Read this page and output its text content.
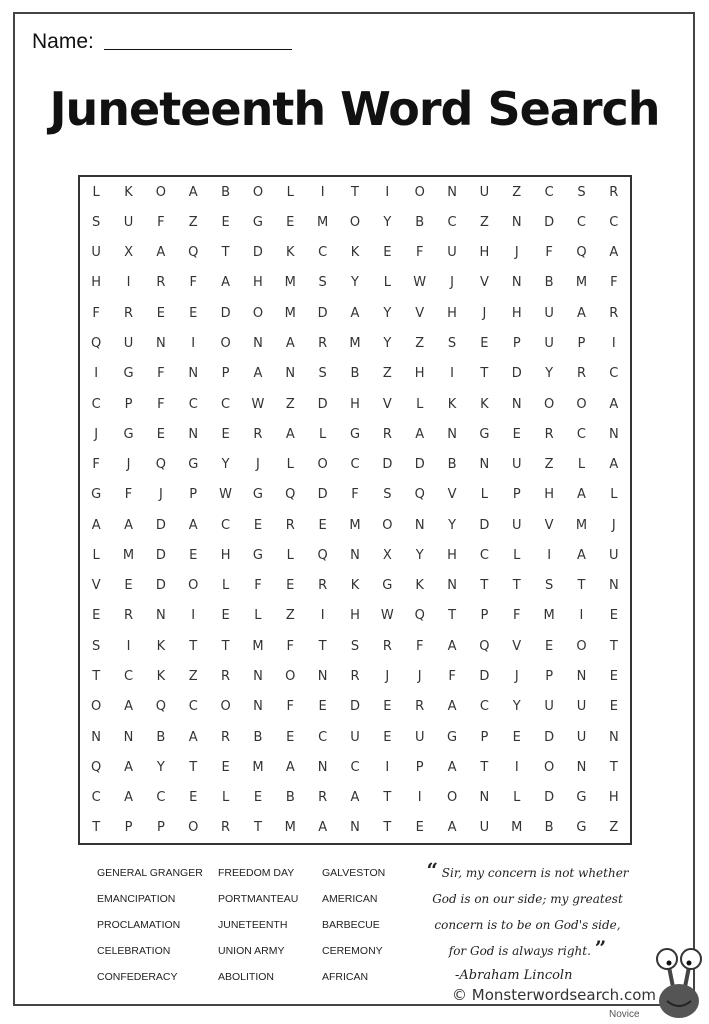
Name:
Juneteenth Word Search
L	K	O	A	B	O	L	I	T	I	O	N	U	Z	C	S	R
S	U	F	Z	E	G	E	M	O	Y	B	C	Z	N	D	C	C
U	X	A	Q	T	D	K	C	K	E	F	U	H	J	F	Q	A
H	I	R	F	A	H	M	S	Y	L	W	J	V	N	B	M	F
F	R	E	E	D	O	M	D	A	Y	V	H	J	H	U	A	R
Q	U	N	I	O	N	A	R	M	Y	Z	S	E	P	U	P	I
I	G	F	N	P	A	N	S	B	Z	H	I	T	D	Y	R	C
C	P	F	C	C	W	Z	D	H	V	L	K	K	N	O	O	A
J	G	E	N	E	R	A	L	G	R	A	N	G	E	R	C	N
F	J	Q	G	Y	J	L	O	C	D	D	B	N	U	Z	L	A
G	F	J	P	W	G	Q	D	F	S	Q	V	L	P	H	A	L
A	A	D	A	C	E	R	E	M	O	N	Y	D	U	V	M	J
L	M	D	E	H	G	L	Q	N	X	Y	H	C	L	I	A	U
V	E	D	O	L	F	E	R	K	G	K	N	T	T	S	T	N
E	R	N	I	E	L	Z	I	H	W	Q	T	P	F	M	I	E
S	I	K	T	T	M	F	T	S	R	F	A	Q	V	E	O	T
T	C	K	Z	R	N	O	N	R	J	J	F	D	J	P	N	E
O	A	Q	C	O	N	F	E	D	E	R	A	C	Y	U	U	E
N	N	B	A	R	B	E	C	U	E	U	G	P	E	D	U	N
Q	A	Y	T	E	M	A	N	C	I	P	A	T	I	O	N	T
C	A	C	E	L	E	B	R	A	T	I	O	N	L	D	G	H
T	P	P	O	R	T	M	A	N	T	E	A	U	M	B	G	Z
GENERAL GRANGER
EMANCIPATION
PROCLAMATION
CELEBRATION
CONFEDERACY
FREEDOM DAY
PORTMANTEAU
JUNETEENTH
UNION ARMY
ABOLITION
GALVESTON
AMERICAN
BARBECUE
CEREMONY
AFRICAN
“ Sir, my concern is not whether
God is on our side; my greatest
concern is to be on God's side,
for God is always right. ”
-Abraham Lincoln
© Monsterwordsearch.com
Novice
